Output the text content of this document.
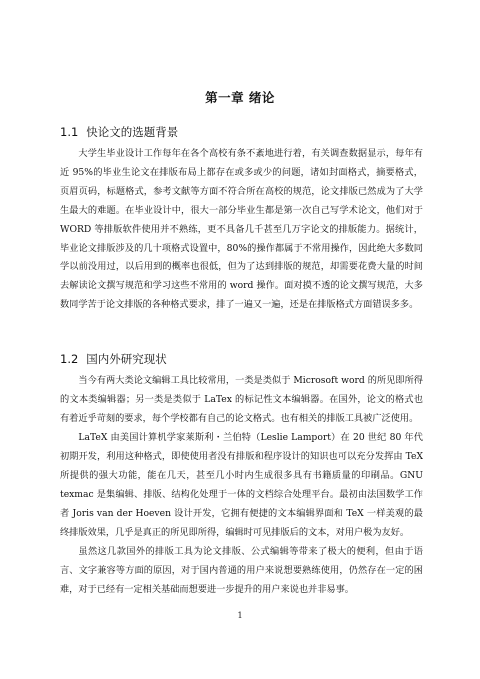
第一章 绪论
1.1 快论文的选题背景

大学生毕业设计工作每年在各个高校有条不紊地进行着，有关调查数据显示，每年有近 95%的毕业生论文在排版布局上都存在或多或少的问题，诸如封面格式，摘要格式，页眉页码，标题格式，参考文献等方面不符合所在高校的规范，论文排版已然成为了大学生最大的难题。在毕业设计中，很大一部分毕业生都是第一次自己写学术论文，他们对于 WORD 等排版软件使用并不熟练，更不具备几千甚至几万字论文的排版能力。据统计，毕业论文排版涉及的几十项格式设置中，80%的操作都属于不常用操作，因此绝大多数同学以前没用过，以后用到的概率也很低，但为了达到排版的规范，却需要花费大量的时间去解读论文撰写规范和学习这些不常用的 word 操作。面对摸不透的论文撰写规范，大多数同学苦于论文排版的各种格式要求，排了一遍又一遍，还是在排版格式方面错误多多。

1.2 国内外研究现状

当今有两大类论文编辑工具比较常用，一类是类似于 Microsoft word 的所见即所得的文本类编辑器；另一类是类似于 LaTex 的标记性文本编辑器。在国外，论文的格式也有着近乎苛刻的要求，每个学校都有自己的论文格式。也有相关的排版工具被广泛使用。

LaTeX 由美国计算机学家莱斯利・兰伯特（Leslie Lamport）在 20 世纪 80 年代初期开发，利用这种格式，即使使用者没有排版和程序设计的知识也可以充分发挥由 TeX 所提供的强大功能，能在几天，甚至几小时内生成很多具有书籍质量的印刷品。GNU texmac 是集编辑、排版、结构化处理于一体的文档综合处理平台。最初由法国数学工作者 Joris van der Hoeven 设计开发，它拥有便捷的文本编辑界面和 TeX 一样美观的最终排版效果，几乎是真正的所见即所得，编辑时可见排版后的文本，对用户极为友好。

虽然这几款国外的排版工具为论文排版、公式编辑等带来了极大的便利，但由于语言、文字兼容等方面的原因，对于国内普通的用户来说想要熟练使用，仍然存在一定的困难，对于已经有一定相关基础而想要进一步提升的用户来说也并非易事。

1
